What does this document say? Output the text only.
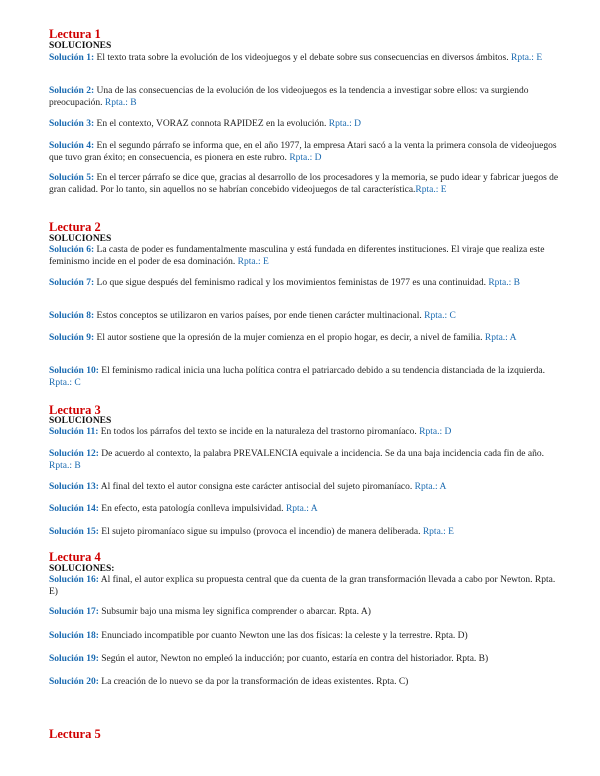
Lectura 1
SOLUCIONES

Solución 1: El texto trata sobre la evolución de los videojuegos y el debate sobre sus consecuencias en diversos ámbitos. Rpta.: E

Solución 2: Una de las consecuencias de la evolución de los videojuegos es la tendencia a investigar sobre ellos: va surgiendo preocupación. Rpta.: B

Solución 3: En el contexto, VORAZ connota RAPIDEZ en la evolución. Rpta.: D

Solución 4: En el segundo párrafo se informa que, en el año 1977, la empresa Atari sacó a la venta la primera consola de videojuegos que tuvo gran éxito; en consecuencia, es pionera en este rubro. Rpta.: D

Solución 5: En el tercer párrafo se dice que, gracias al desarrollo de los procesadores y la memoria, se pudo idear y fabricar juegos de gran calidad. Por lo tanto, sin aquellos no se habrían concebido videojuegos de tal característica.Rpta.: E

Lectura 2
SOLUCIONES

Solución 6: La casta de poder es fundamentalmente masculina y está fundada en diferentes instituciones. El viraje que realiza este feminismo incide en el poder de esa dominación. Rpta.: E

Solución 7: Lo que sigue después del feminismo radical y los movimientos feministas de 1977 es una continuidad. Rpta.: B

Solución 8: Estos conceptos se utilizaron en varios países, por ende tienen carácter multinacional. Rpta.: C

Solución 9: El autor sostiene que la opresión de la mujer comienza en el propio hogar, es decir, a nivel de familia. Rpta.: A

Solución 10: El feminismo radical inicia una lucha política contra el patriarcado debido a su tendencia distanciada de la izquierda. Rpta.: C

Lectura 3
SOLUCIONES

Solución 11: En todos los párrafos del texto se incide en la naturaleza del trastorno piromaníaco. Rpta.: D

Solución 12: De acuerdo al contexto, la palabra PREVALENCIA equivale a incidencia. Se da una baja incidencia cada fin de año. Rpta.: B

Solución 13: Al final del texto el autor consigna este carácter antisocial del sujeto piromaníaco. Rpta.: A

Solución 14: En efecto, esta patología conlleva impulsividad. Rpta.: A

Solución 15: El sujeto piromaníaco sigue su impulso (provoca el incendio) de manera deliberada. Rpta.: E

Lectura 4
SOLUCIONES:

Solución 16: Al final, el autor explica su propuesta central que da cuenta de la gran transformación llevada a cabo por Newton. Rpta. E)

Solución 17: Subsumir bajo una misma ley significa comprender o abarcar. Rpta. A)

Solución 18: Enunciado incompatible por cuanto Newton une las dos físicas: la celeste y la terrestre. Rpta. D)

Solución 19: Según el autor, Newton no empleó la inducción; por cuanto, estaría en contra del historiador. Rpta. B)

Solución 20: La creación de lo nuevo se da por la transformación de ideas existentes. Rpta. C)

Lectura 5
